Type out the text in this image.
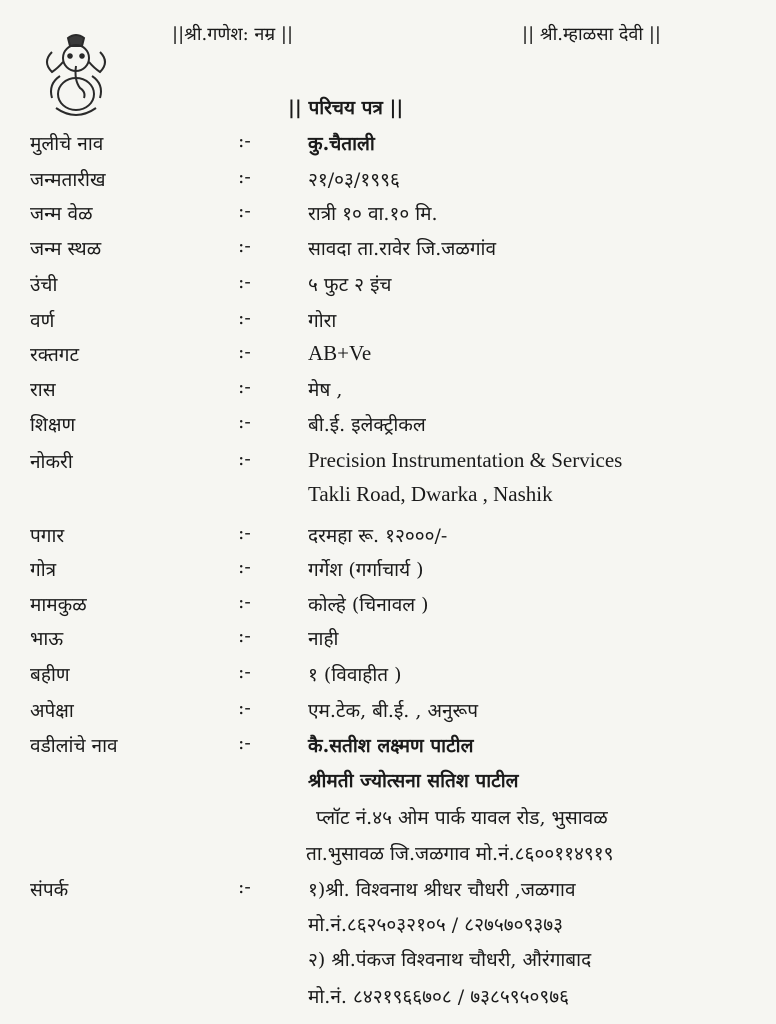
||श्री.गणेश: नम्र ||	|| श्री.म्हाळसा देवी ||
|| परिचय पत्र ||
मुलीचे नाव	:-	कु.चैताली
जन्मतारीख	:-	२१/०३/१९९६
जन्म वेळ	:-	रात्री १० वा.१० मि.
जन्म स्थळ	:-	सावदा ता.रावेर जि.जळगांव
उंची	:-	५ फुट २ इंच
वर्ण	:-	गोरा
रक्तगट	:-	AB+Ve
रास	:-	मेष ,
शिक्षण	:-	बी.ई. इलेक्ट्रीकल
नोकरी	:-	Precision Instrumentation & Services
Takli Road, Dwarka , Nashik
पगार	:-	दरमहा रू. १२०००/-
गोत्र	:-	गर्गेश (गर्गाचार्य )
मामकुळ	:-	कोल्हे (चिनावल )
भाऊ	:-	नाही
बहीण	:-	१ (विवाहीत )
अपेक्षा	:-	एम.टेक, बी.ई. , अनुरूप
वडीलांचे नाव	:-	कै.सतीश लक्ष्मण पाटील
श्रीमती ज्योत्सना सतिश पाटील
प्लॉट नं.४५ ओम पार्क यावल रोड, भुसावळ
ता.भुसावळ जि.जळगाव मो.नं.८६००११४९१९
संपर्क	:-	१)श्री. विश्वनाथ श्रीधर चौधरी ,जळगाव
मो.नं.८६२५०३२१०५ / ८२७५७०९३७३
२) श्री.पंकज विश्वनाथ चौधरी, औरंगाबाद
मो.नं. ८४२१९६६७०८ / ७३८५९५०९७६
